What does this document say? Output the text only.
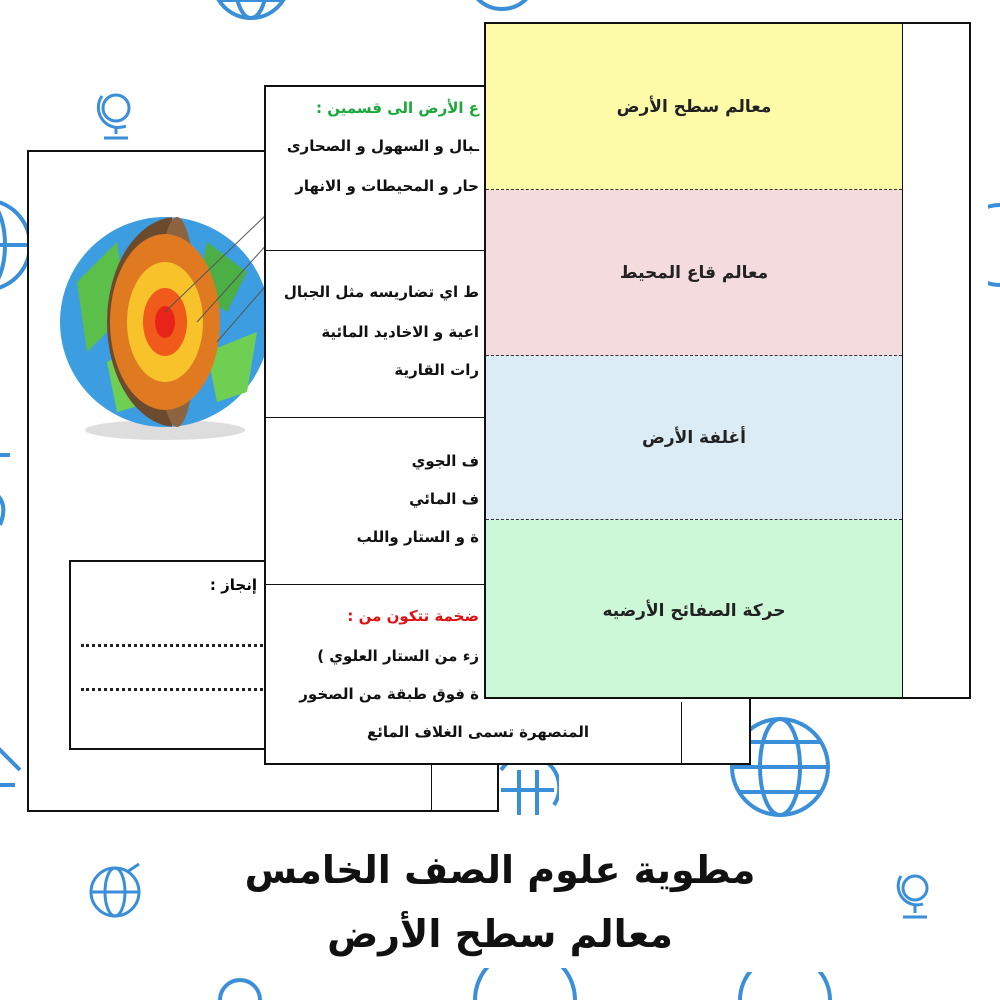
إنجاز :
ع الأرض الى قسمين :
ـبال و السهول و الصحارى
حار و المحيطات و الانهار
ط اي تضاريسه مثل الجبال
اعية و الاخاديد المائية
رات القارية
ف الجوي
ف المائي
ة و الستار واللب
ضخمة تتكون من :
زء من الستار العلوي )
ة فوق طبقة من الصخور
المنصهرة تسمى الغلاف المائع
معالم سطح الأرض
معالم قاع المحيط
أغلفة الأرض
حركة الصفائح الأرضيه
مطوية علوم الصف الخامس
معالم سطح الأرض
